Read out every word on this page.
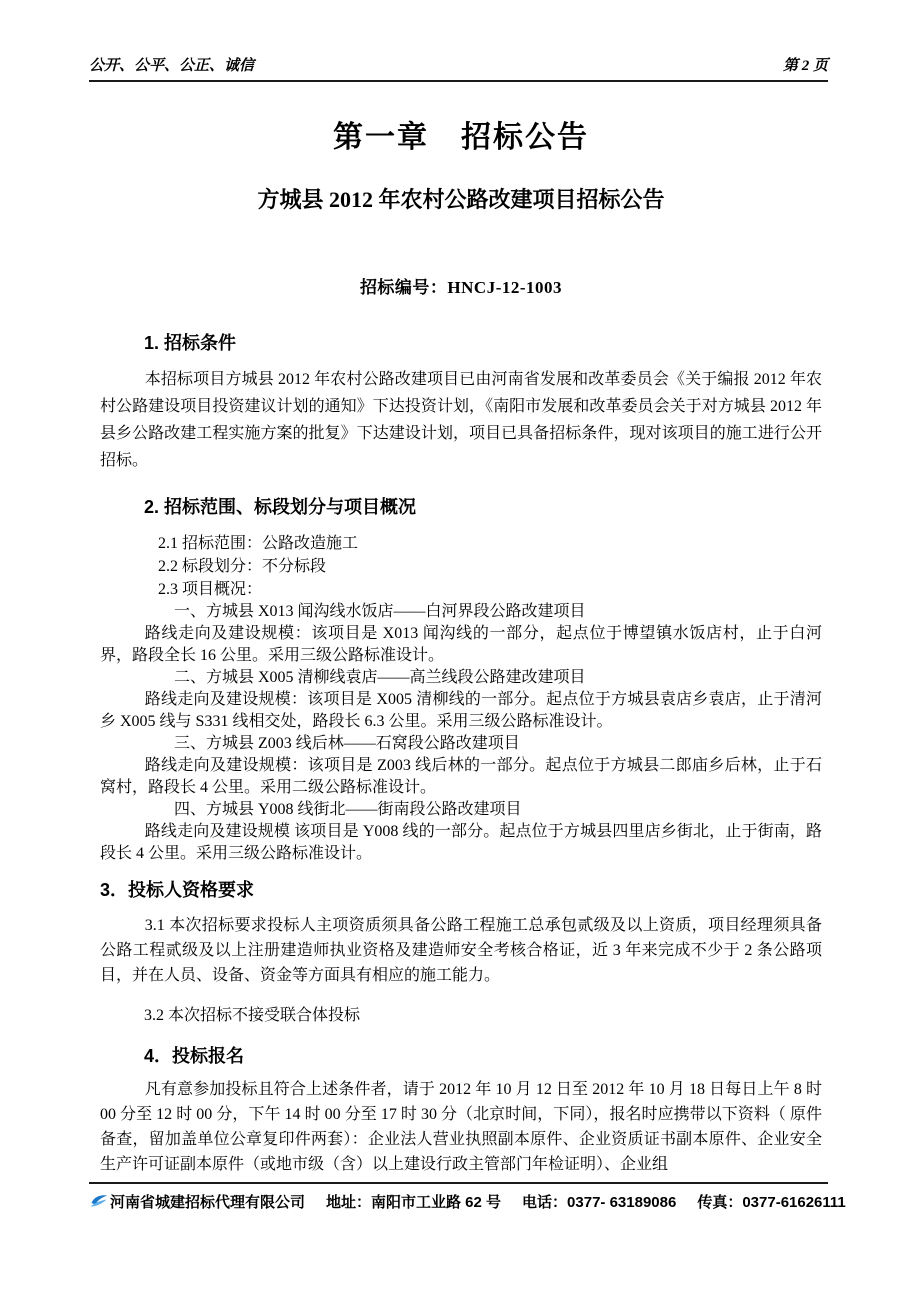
公开、公平、公正、诚信	第 2 页
第一章　招标公告
方城县 2012 年农村公路改建项目招标公告
招标编号：HNCJ-12-1003
1. 招标条件
本招标项目方城县 2012 年农村公路改建项目已由河南省发展和改革委员会《关于编报 2012 年农村公路建设项目投资建议计划的通知》下达投资计划，《南阳市发展和改革委员会关于对方城县 2012 年县乡公路改建工程实施方案的批复》下达建设计划，项目已具备招标条件，现对该项目的施工进行公开招标。
2. 招标范围、标段划分与项目概况
2.1 招标范围：公路改造施工
2.2 标段划分：不分标段
2.3 项目概况：
一、方城县 X013 闻沟线水饭店——白河界段公路改建项目
路线走向及建设规模：该项目是 X013 闻沟线的一部分，起点位于博望镇水饭店村，止于白河界，路段全长 16 公里。采用三级公路标准设计。
二、方城县 X005 清柳线袁店——高兰线段公路建改建项目
路线走向及建设规模：该项目是 X005 清柳线的一部分。起点位于方城县袁店乡袁店，止于清河乡 X005 线与 S331 线相交处，路段长 6.3 公里。采用三级公路标准设计。
三、方城县 Z003 线后林——石窝段公路改建项目
路线走向及建设规模：该项目是 Z003 线后林的一部分。起点位于方城县二郎庙乡后林，止于石窝村，路段长 4 公里。采用二级公路标准设计。
四、方城县 Y008 线街北——街南段公路改建项目
路线走向及建设规模 该项目是 Y008 线的一部分。起点位于方城县四里店乡街北，止于街南，路段长 4 公里。采用三级公路标准设计。
3．投标人资格要求
3.1 本次招标要求投标人主项资质须具备公路工程施工总承包贰级及以上资质，项目经理须具备公路工程贰级及以上注册建造师执业资格及建造师安全考核合格证，近 3 年来完成不少于 2 条公路项目，并在人员、设备、资金等方面具有相应的施工能力。
3.2 本次招标不接受联合体投标
4．投标报名
凡有意参加投标且符合上述条件者，请于 2012 年 10 月 12 日至 2012 年 10 月 18 日每日上午 8 时 00 分至 12 时 00 分，下午 14 时 00 分至 17 时 30 分（北京时间，下同），报名时应携带以下资料（ 原件备查，留加盖单位公章复印件两套）：企业法人营业执照副本原件、企业资质证书副本原件、企业安全生产许可证副本原件（或地市级（含）以上建设行政主管部门年检证明）、企业组
河南省城建招标代理有限公司 地址：南阳市工业路 62 号 电话：0377- 63189086 传真：0377-61626111
